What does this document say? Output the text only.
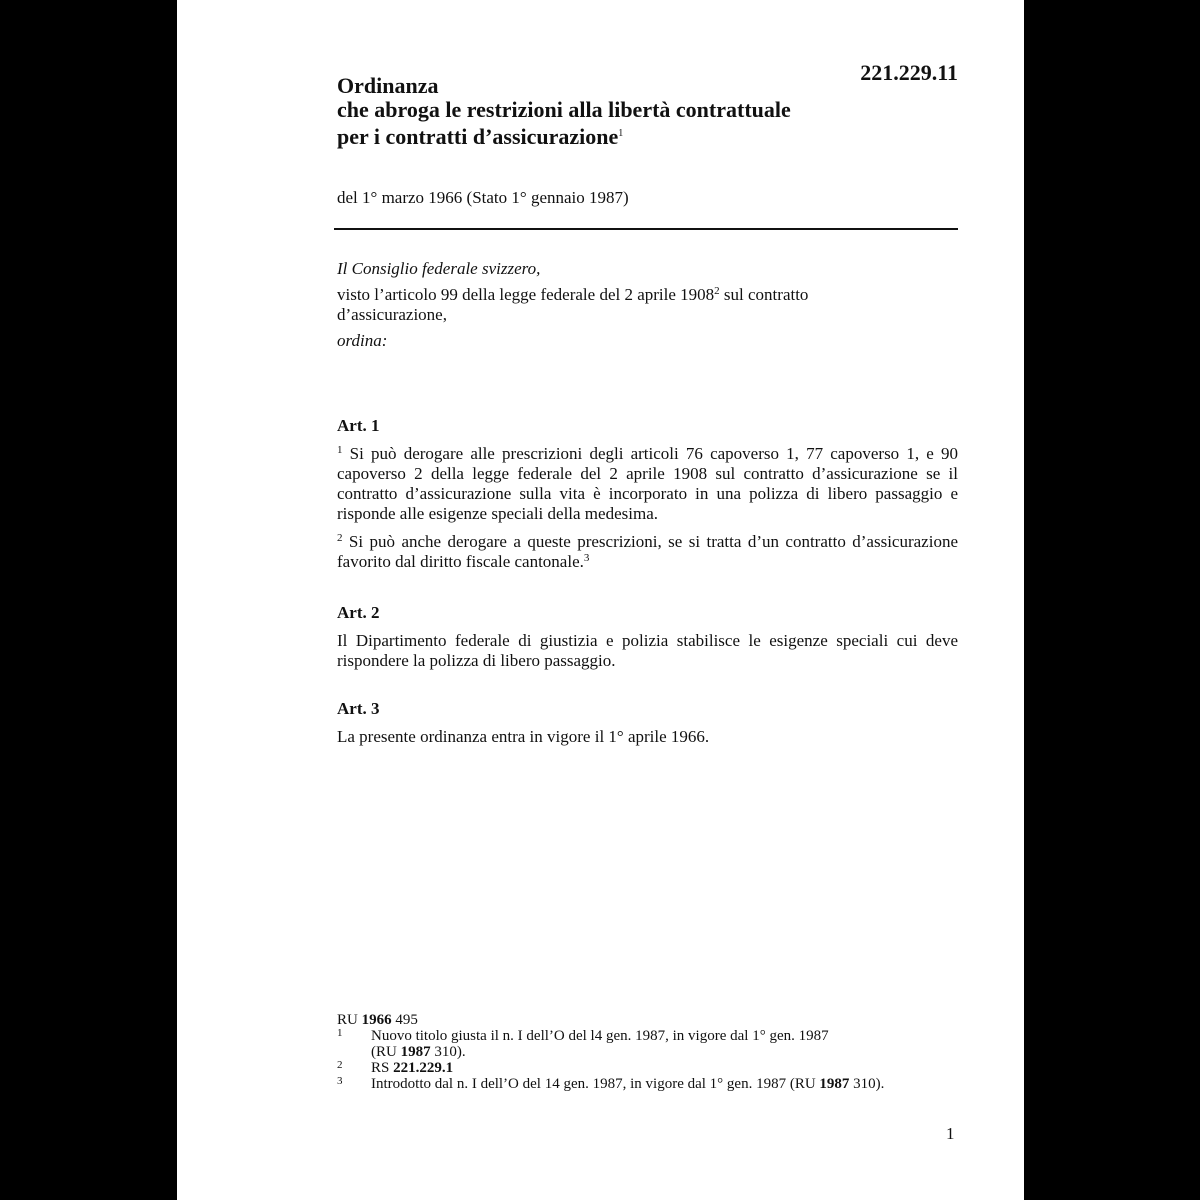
221.229.11
Ordinanza
che abroga le restrizioni alla libertà contrattuale
per i contratti d’assicurazione$^1$
del 1° marzo 1966 (Stato 1° gennaio 1987)

Il Consiglio federale svizzero,

visto l’articolo 99 della legge federale del 2 aprile 1908$^2$ sul contratto d’assicurazione,

ordina:

Art. 1

$^1$ Si può derogare alle prescrizioni degli articoli 76 capoverso 1, 77 capoverso 1, e 90 capoverso 2 della legge federale del 2 aprile 1908 sul contratto d’assicurazione se il contratto d’assicurazione sulla vita è incorporato in una polizza di libero passaggio e risponde alle esigenze speciali della medesima.

$^2$ Si può anche derogare a queste prescrizioni, se si tratta d’un contratto d’assicurazione favorito dal diritto fiscale cantonale.$^3$

Art. 2

Il Dipartimento federale di giustizia e polizia stabilisce le esigenze speciali cui deve rispondere la polizza di libero passaggio.

Art. 3

La presente ordinanza entra in vigore il 1° aprile 1966.

RU 1966 495
1	Nuovo titolo giusta il n. I dell’O del l4 gen. 1987, in vigore dal 1° gen. 1987
(RU 1987 310).
2	RS 221.229.1
3	Introdotto dal n. I dell’O del 14 gen. 1987, in vigore dal 1° gen. 1987 (RU 1987 310).
1
